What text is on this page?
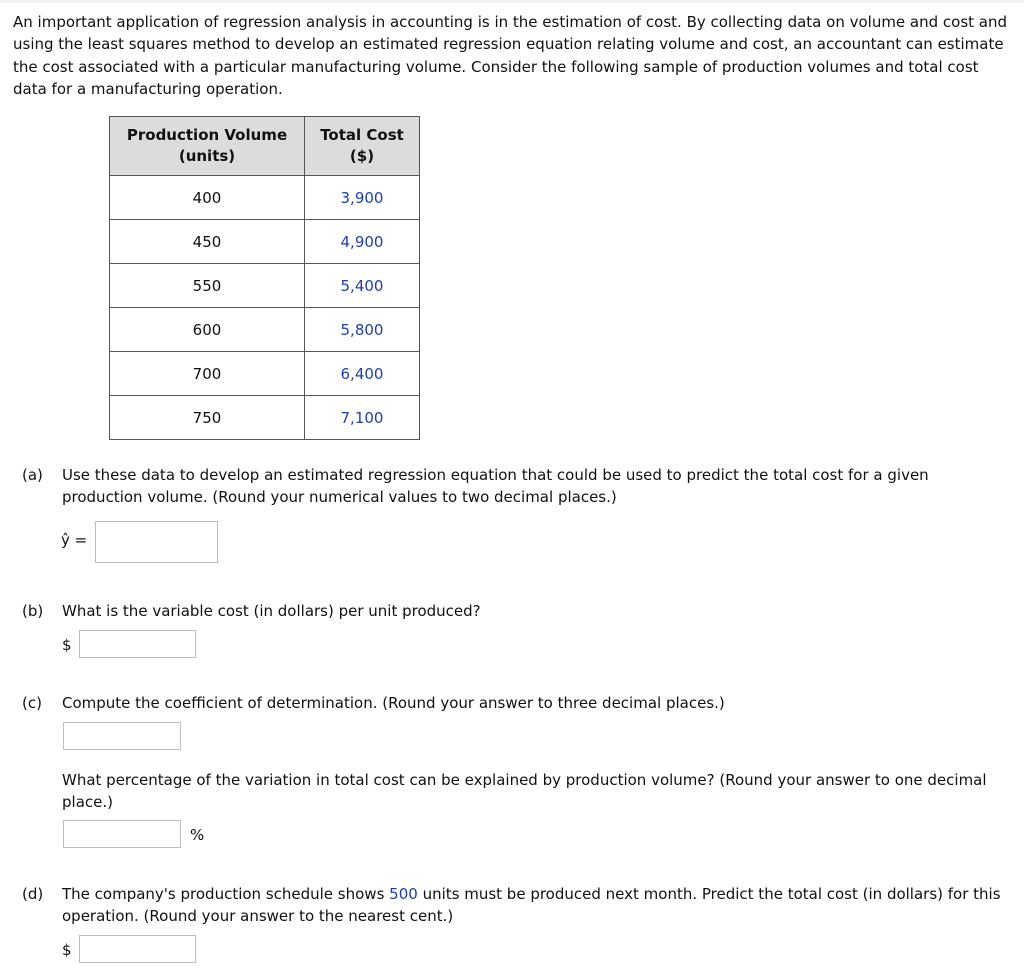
An important application of regression analysis in accounting is in the estimation of cost. By collecting data on volume and cost and using the least squares method to develop an estimated regression equation relating volume and cost, an accountant can estimate the cost associated with a particular manufacturing volume. Consider the following sample of production volumes and total cost data for a manufacturing operation.

Production Volume
(units)	Total Cost
($)
400	3,900
450	4,900
550	5,400
600	5,800
700	6,400
750	7,100
(a) Use these data to develop an estimated regression equation that could be used to predict the total cost for a given production volume. (Round your numerical values to two decimal places.)
ŷ =
(b) What is the variable cost (in dollars) per unit produced?
$
(c) Compute the coefficient of determination. (Round your answer to three decimal places.)
What percentage of the variation in total cost can be explained by production volume? (Round your answer to one decimal place.)
%
(d) The company's production schedule shows 500 units must be produced next month. Predict the total cost (in dollars) for this operation. (Round your answer to the nearest cent.)
$
